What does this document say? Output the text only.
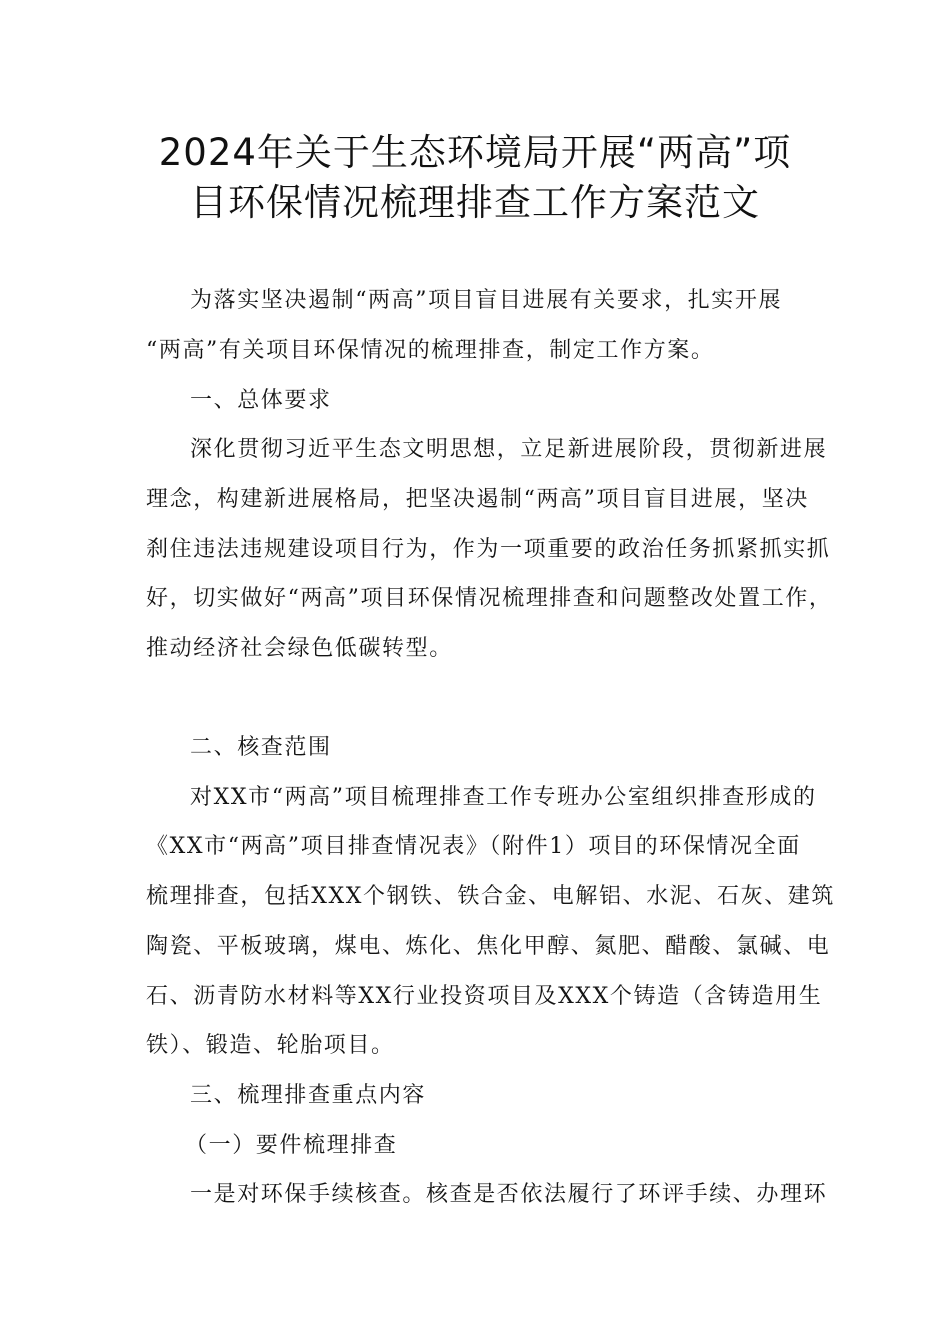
2024年关于生态环境局开展“两高”项
目环保情况梳理排查工作方案范文
为落实坚决遏制“两高”项目盲目进展有关要求，扎实开展
“两高”有关项目环保情况的梳理排查，制定工作方案。
一、总体要求
深化贯彻习近平生态文明思想，立足新进展阶段，贯彻新进展
理念，构建新进展格局，把坚决遏制“两高”项目盲目进展，坚决
刹住违法违规建设项目行为，作为一项重要的政治任务抓紧抓实抓
好，切实做好“两高”项目环保情况梳理排查和问题整改处置工作，
推动经济社会绿色低碳转型。
二、核查范围
对XX市“两高”项目梳理排查工作专班办公室组织排查形成的
《XX市“两高”项目排查情况表》（附件1）项目的环保情况全面
梳理排查，包括XXX个钢铁、铁合金、电解铝、水泥、石灰、建筑
陶瓷、平板玻璃，煤电、炼化、焦化甲醇、氮肥、醋酸、氯碱、电
石、沥青防水材料等XX行业投资项目及XXX个铸造（含铸造用生
铁）、锻造、轮胎项目。
三、梳理排查重点内容
（一）要件梳理排查
一是对环保手续核查。核查是否依法履行了环评手续、办理环
